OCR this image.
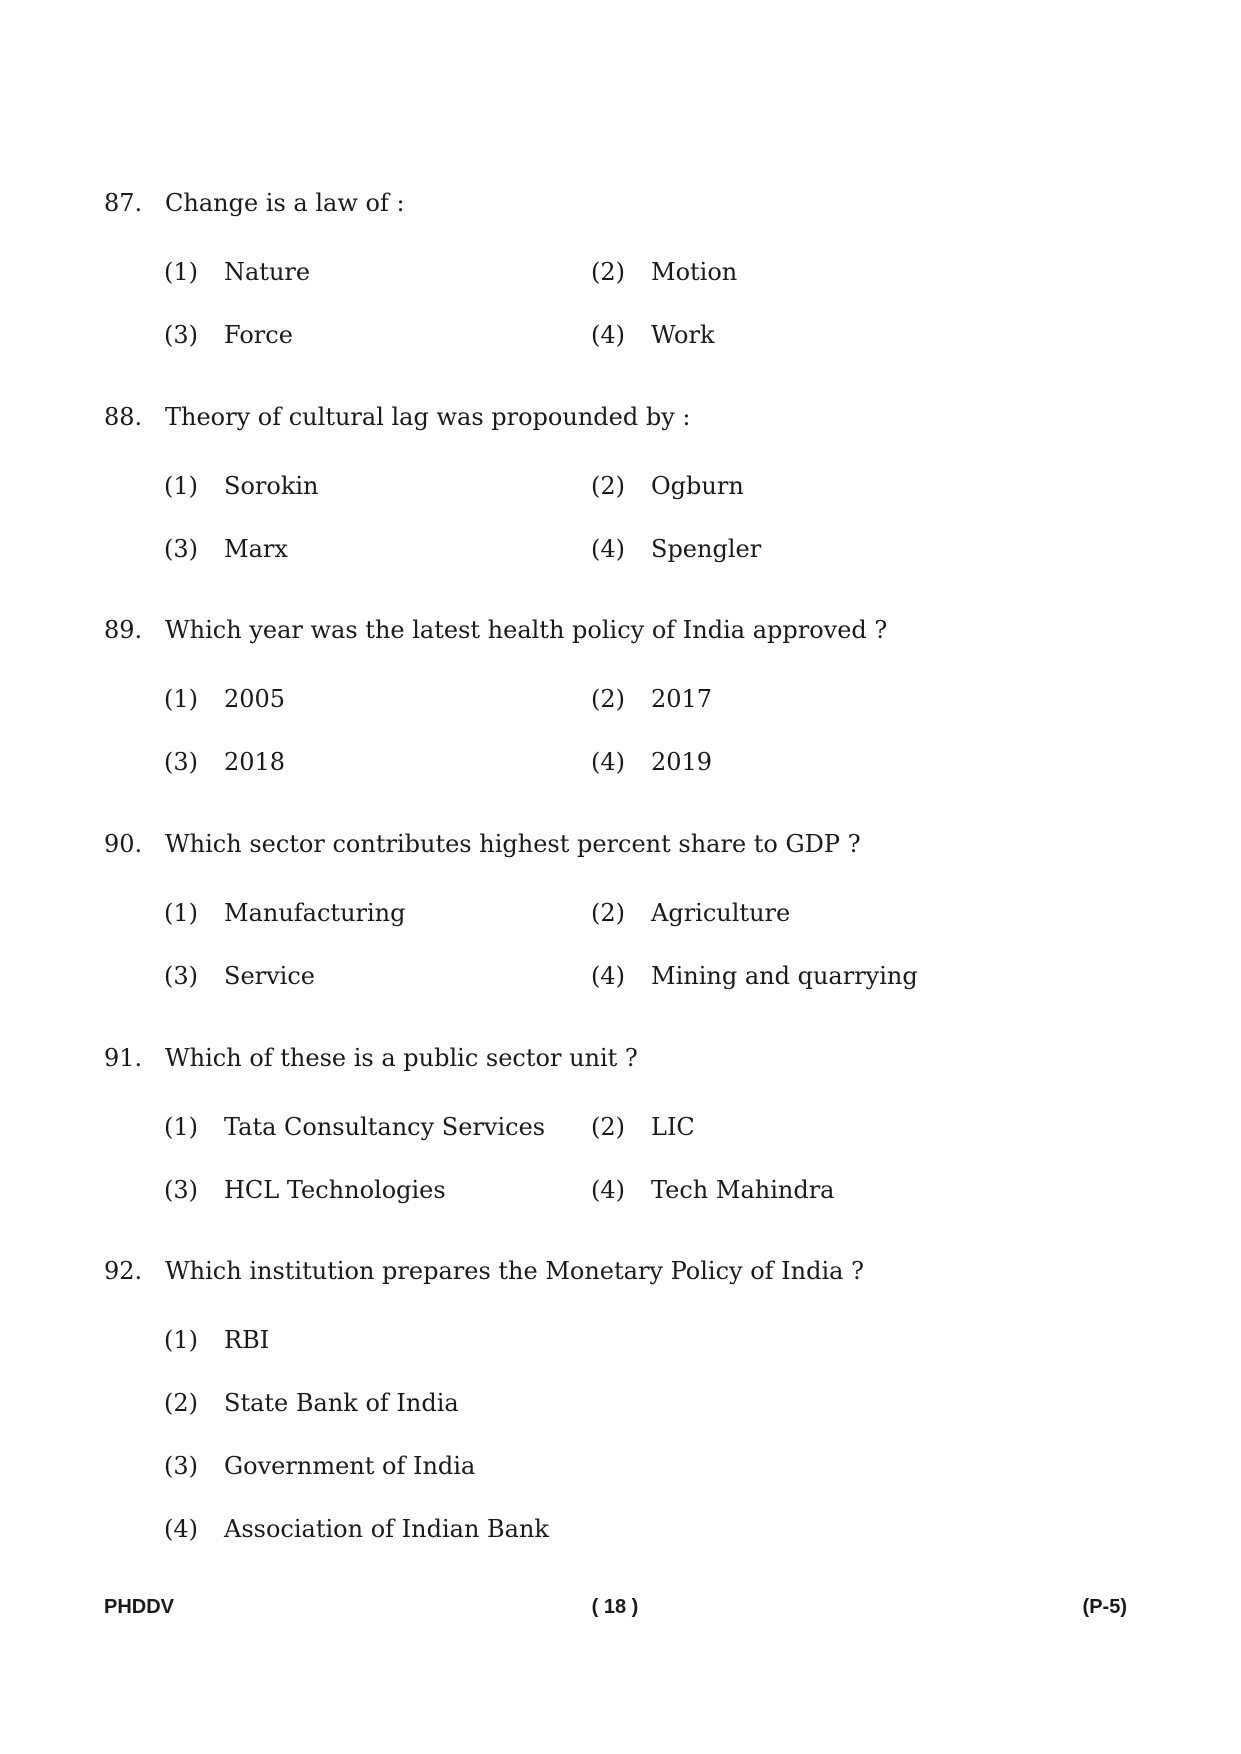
87. Change is a law of :
(1) Nature	(2) Motion
(3) Force	(4) Work
88. Theory of cultural lag was propounded by :
(1) Sorokin	(2) Ogburn
(3) Marx	(4) Spengler
89. Which year was the latest health policy of India approved ?
(1) 2005	(2) 2017
(3) 2018	(4) 2019
90. Which sector contributes highest percent share to GDP ?
(1) Manufacturing	(2) Agriculture
(3) Service	(4) Mining and quarrying
91. Which of these is a public sector unit ?
(1) Tata Consultancy Services (2) LIC
(3) HCL Technologies	(4) Tech Mahindra
92. Which institution prepares the Monetary Policy of India ?
(1) RBI
(2) State Bank of India
(3) Government of India
(4) Association of Indian Bank
PHDDV	( 18 )	(P-5)
